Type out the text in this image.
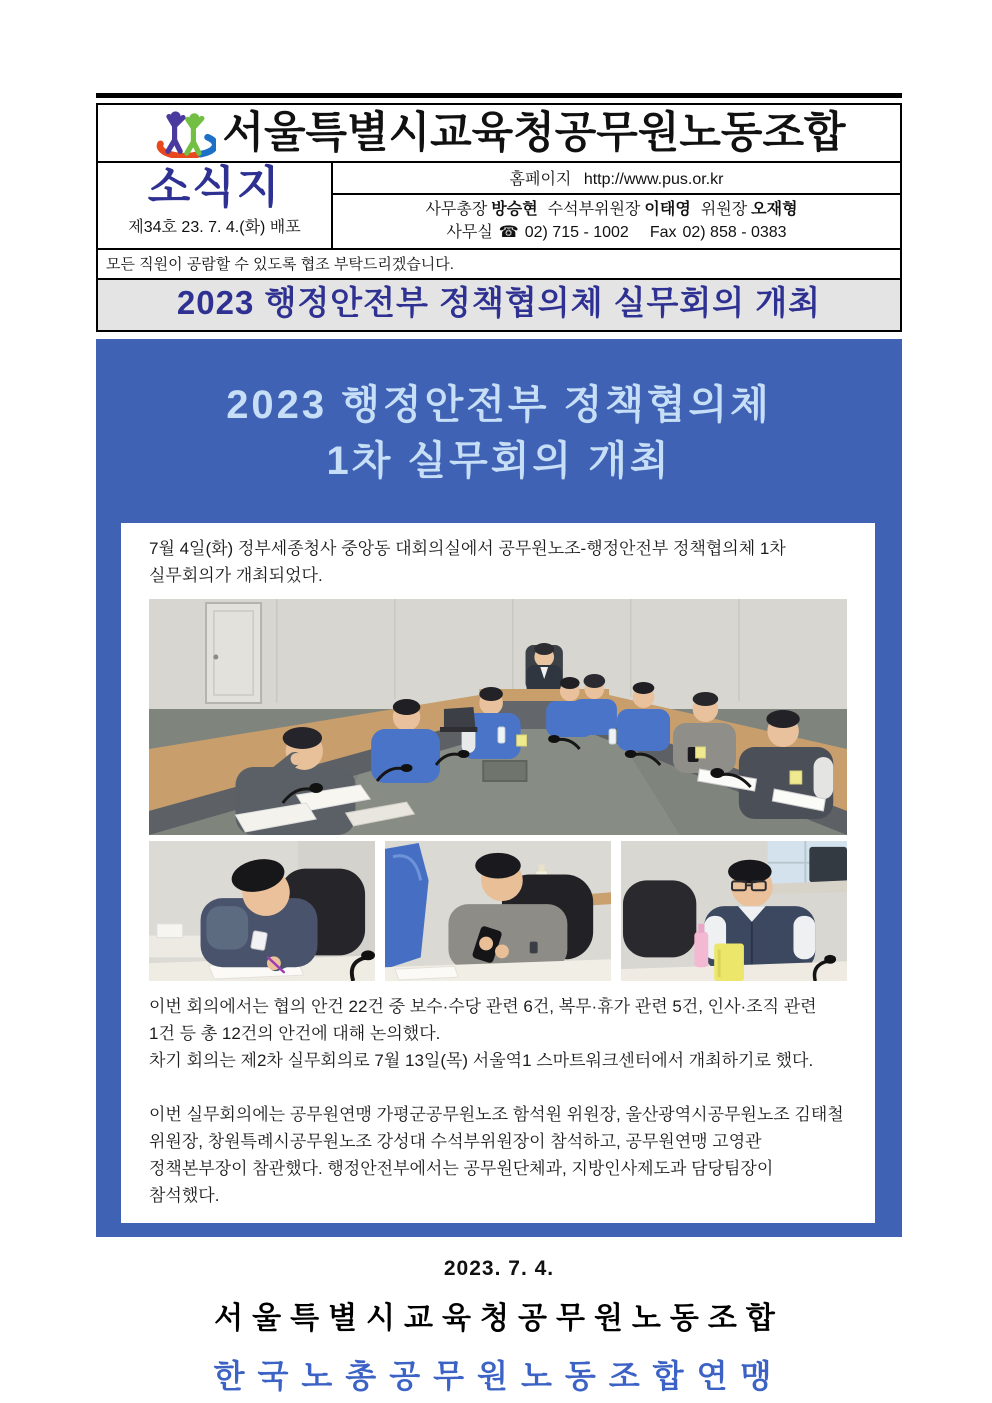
서울특별시교육청공무원노동조합
소식지
제34호 23. 7. 4.(화) 배포
홈페이지 http://www.pus.or.kr
사무총장 방승현 수석부위원장 이태영 위원장 오재형
사무실 ☎ 02) 715 - 1002 Fax 02) 858 - 0383
모든 직원이 공람할 수 있도록 협조 부탁드리겠습니다.
2023 행정안전부 정책협의체 실무회의 개최
2023 행정안전부 정책협의체
1차 실무회의 개최

7월 4일(화) 정부세종청사 중앙동 대회의실에서 공무원노조-행정안전부 정책협의체 1차 실무회의가 개최되었다.

이번 회의에서는 협의 안건 22건 중 보수·수당 관련 6건, 복무·휴가 관련 5건, 인사·조직 관련 1건 등 총 12건의 안건에 대해 논의했다.

차기 회의는 제2차 실무회의로 7월 13일(목) 서울역1 스마트워크센터에서 개최하기로 했다.

이번 실무회의에는 공무원연맹 가평군공무원노조 함석원 위원장, 울산광역시공무원노조 김태철 위원장, 창원특례시공무원노조 강성대 수석부위원장이 참석하고, 공무원연맹 고영관 정책본부장이 참관했다. 행정안전부에서는 공무원단체과, 지방인사제도과 담당팀장이 참석했다.

2023. 7. 4.
서울특별시교육청공무원노동조합
한국노총공무원노동조합연맹
